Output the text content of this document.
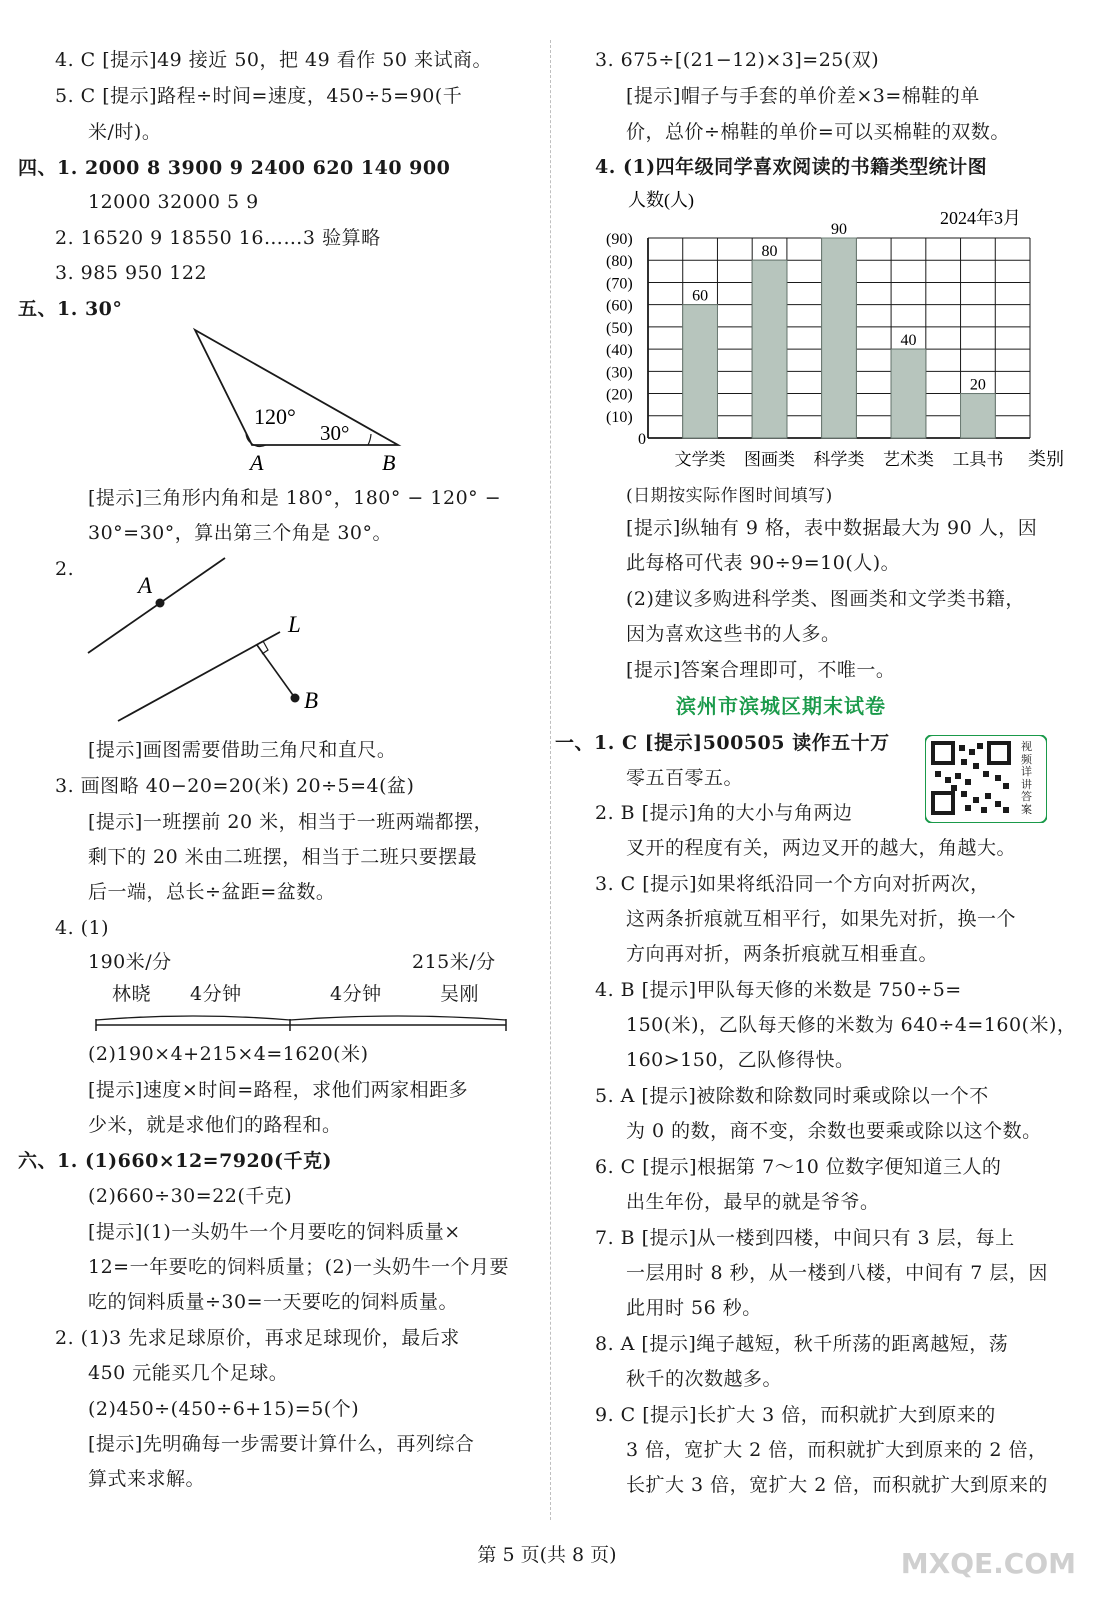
4. C [提示]49 接近 50，把 49 看作 50 来试商。
5. C [提示]路程÷时间=速度，450÷5=90(千
米/时)。
四、1. 2000 8 3900 9 2400 620 140 900
12000 32000 5 9
2. 16520 9 18550 16……3 验算略
3. 985 950 122
五、1. 30°
120°
30°
A	B
[提示]三角形内角和是 180°，180° − 120° −
30°=30°，算出第三个角是 30°。
2.
A
L
B
[提示]画图需要借助三角尺和直尺。
3. 画图略 40−20=20(米) 20÷5=4(盆)
[提示]一班摆前 20 米，相当于一班两端都摆，
剩下的 20 米由二班摆，相当于二班只要摆最
后一端，总长÷盆距=盆数。
4. (1)
190米/分	215米/分
林晓 4分钟	4分钟	吴刚
(2)190×4+215×4=1620(米)
[提示]速度×时间=路程，求他们两家相距多
少米，就是求他们的路程和。
六、1. (1)660×12=7920(千克)
(2)660÷30=22(千克)
[提示](1)一头奶牛一个月要吃的饲料质量×
12=一年要吃的饲料质量；(2)一头奶牛一个月要
吃的饲料质量÷30=一天要吃的饲料质量。
2. (1)3 先求足球原价，再求足球现价，最后求
450 元能买几个足球。
(2)450÷(450÷6+15)=5(个)
[提示]先明确每一步需要计算什么，再列综合
算式来求解。
3. 675÷[(21−12)×3]=25(双)
[提示]帽子与手套的单价差×3=棉鞋的单
价，总价÷棉鞋的单价=可以买棉鞋的双数。
4. (1)四年级同学喜欢阅读的书籍类型统计图
人数(人)
2024年3月
60
80
90
40
20
0
(10)
(20)
(30)
(40)
(50)
(60)
(70)
(80)
(90)
文学类 图画类 科学类 艺术类 工具书 类别
(日期按实际作图时间填写)
[提示]纵轴有 9 格，表中数据最大为 90 人，因
此每格可代表 90÷9=10(人)。
(2)建议多购进科学类、图画类和文学类书籍，
因为喜欢这些书的人多。
[提示]答案合理即可，不唯一。
滨州市滨城区期末试卷
一、1. C [提示]500505 读作五十万
零五百零五。
2. B [提示]角的大小与角两边
叉开的程度有关，两边叉开的越大，角越大。
视频详讲答案
3. C [提示]如果将纸沿同一个方向对折两次，
这两条折痕就互相平行，如果先对折，换一个
方向再对折，两条折痕就互相垂直。
4. B [提示]甲队每天修的米数是 750÷5=
150(米)，乙队每天修的米数为 640÷4=160(米)，
160>150，乙队修得快。
5. A [提示]被除数和除数同时乘或除以一个不
为 0 的数，商不变，余数也要乘或除以这个数。
6. C [提示]根据第 7～10 位数字便知道三人的
出生年份，最早的就是爷爷。
7. B [提示]从一楼到四楼，中间只有 3 层，每上
一层用时 8 秒，从一楼到八楼，中间有 7 层，因
此用时 56 秒。
8. A [提示]绳子越短，秋千所荡的距离越短，荡
秋千的次数越多。
9. C [提示]长扩大 3 倍，而积就扩大到原来的
3 倍，宽扩大 2 倍，而积就扩大到原来的 2 倍，
长扩大 3 倍，宽扩大 2 倍，而积就扩大到原来的
第 5 页(共 8 页)	MXQE.COM
